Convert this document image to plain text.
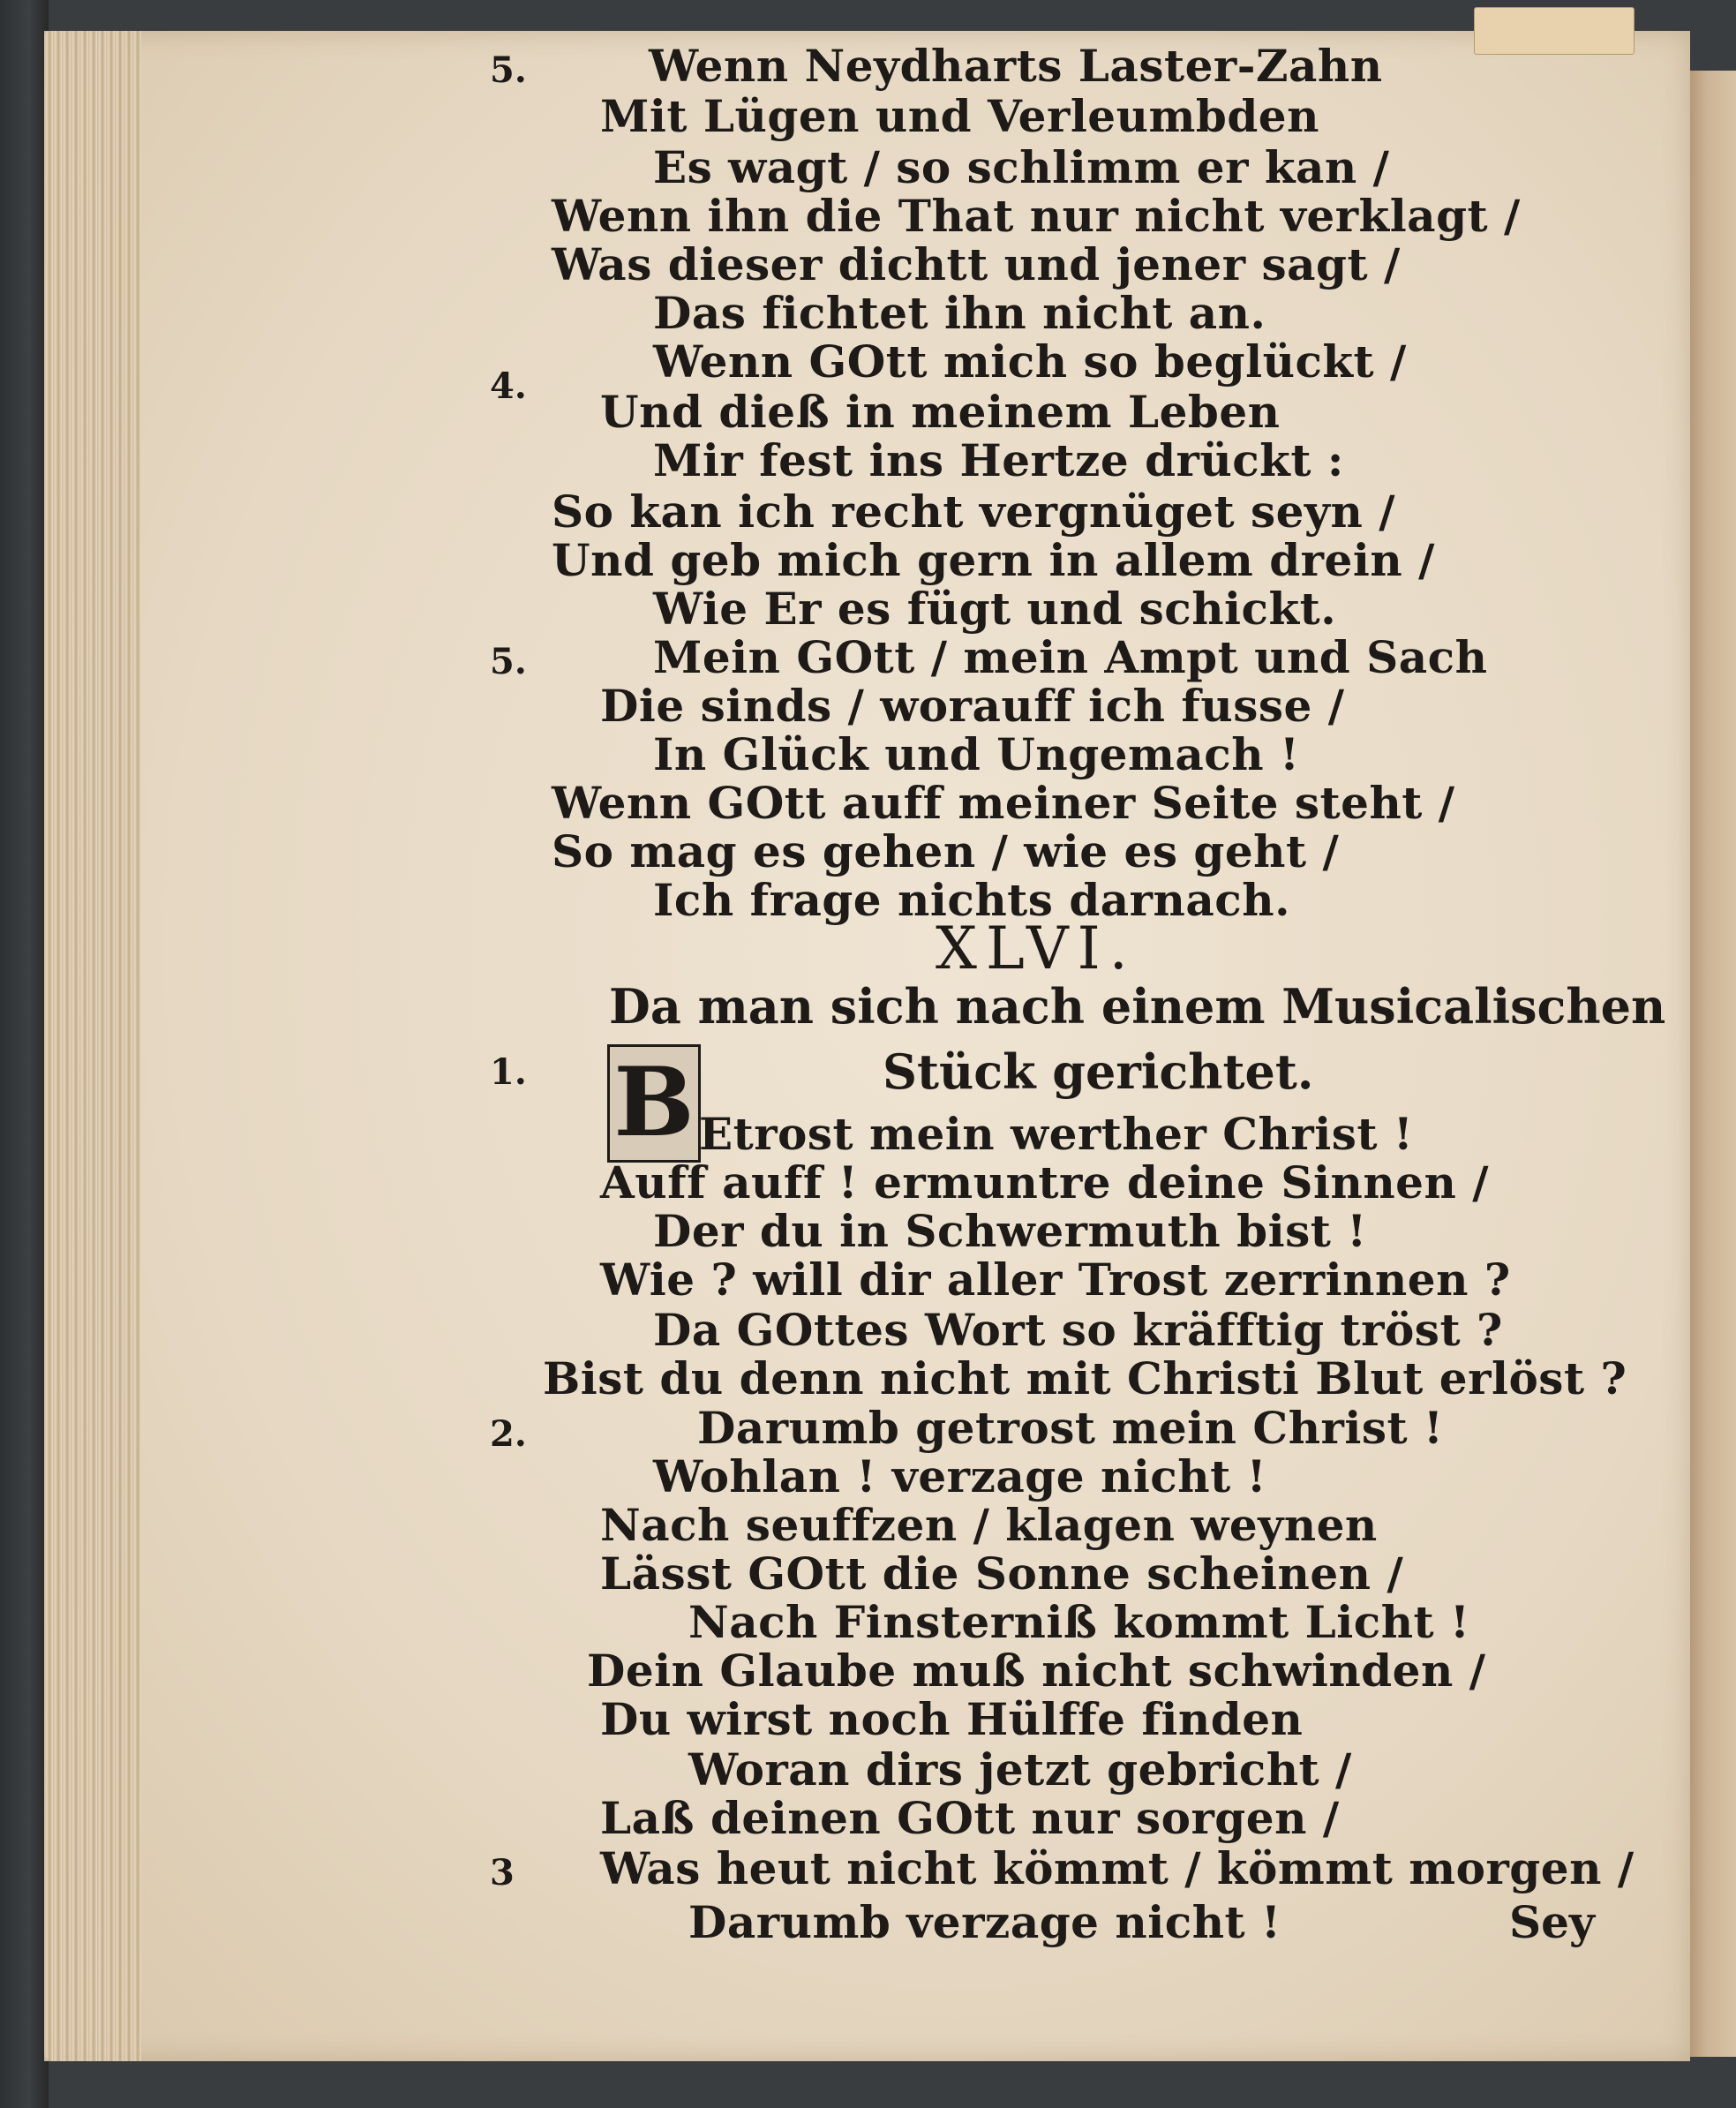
5.	Wenn Neydharts Laster-Zahn
Mit Lügen und Verleumbden
Es wagt / so schlimm er kan /
Wenn ihn die That nur nicht verklagt /
Was dieser dichtt und jener sagt /
Das fichtet ihn nicht an.
4.	Wenn GOtt mich so beglückt /
Und dieß in meinem Leben
Mir fest ins Hertze drückt :
So kan ich recht vergnüget seyn /
Und geb mich gern in allem drein /
Wie Er es fügt und schickt.
5.	Mein GOtt / mein Ampt und Sach
Die sinds / worauff ich fusse /
In Glück und Ungemach !
Wenn GOtt auff meiner Seite steht /
So mag es gehen / wie es geht /
Ich frage nichts darnach.
XLVI.
Da man sich nach einem Musicalischen
1. B	Stück gerichtet.
Etrost mein werther Christ !
Auff auff ! ermuntre deine Sinnen /
Der du in Schwermuth bist !
Wie ? will dir aller Trost zerrinnen ?
Da GOttes Wort so kräfftig tröst ?
Bist du denn nicht mit Christi Blut erlöst ?
2.	Darumb getrost mein Christ !
Wohlan ! verzage nicht !
Nach seuffzen / klagen weynen
Lässt GOtt die Sonne scheinen /
Nach Finsterniß kommt Licht !
Dein Glaube muß nicht schwinden /
Du wirst noch Hülffe finden
Woran dirs jetzt gebricht /
Laß deinen GOtt nur sorgen /
3 Was heut nicht kömmt / kömmt morgen /
Darumb verzage nicht !	Sey
